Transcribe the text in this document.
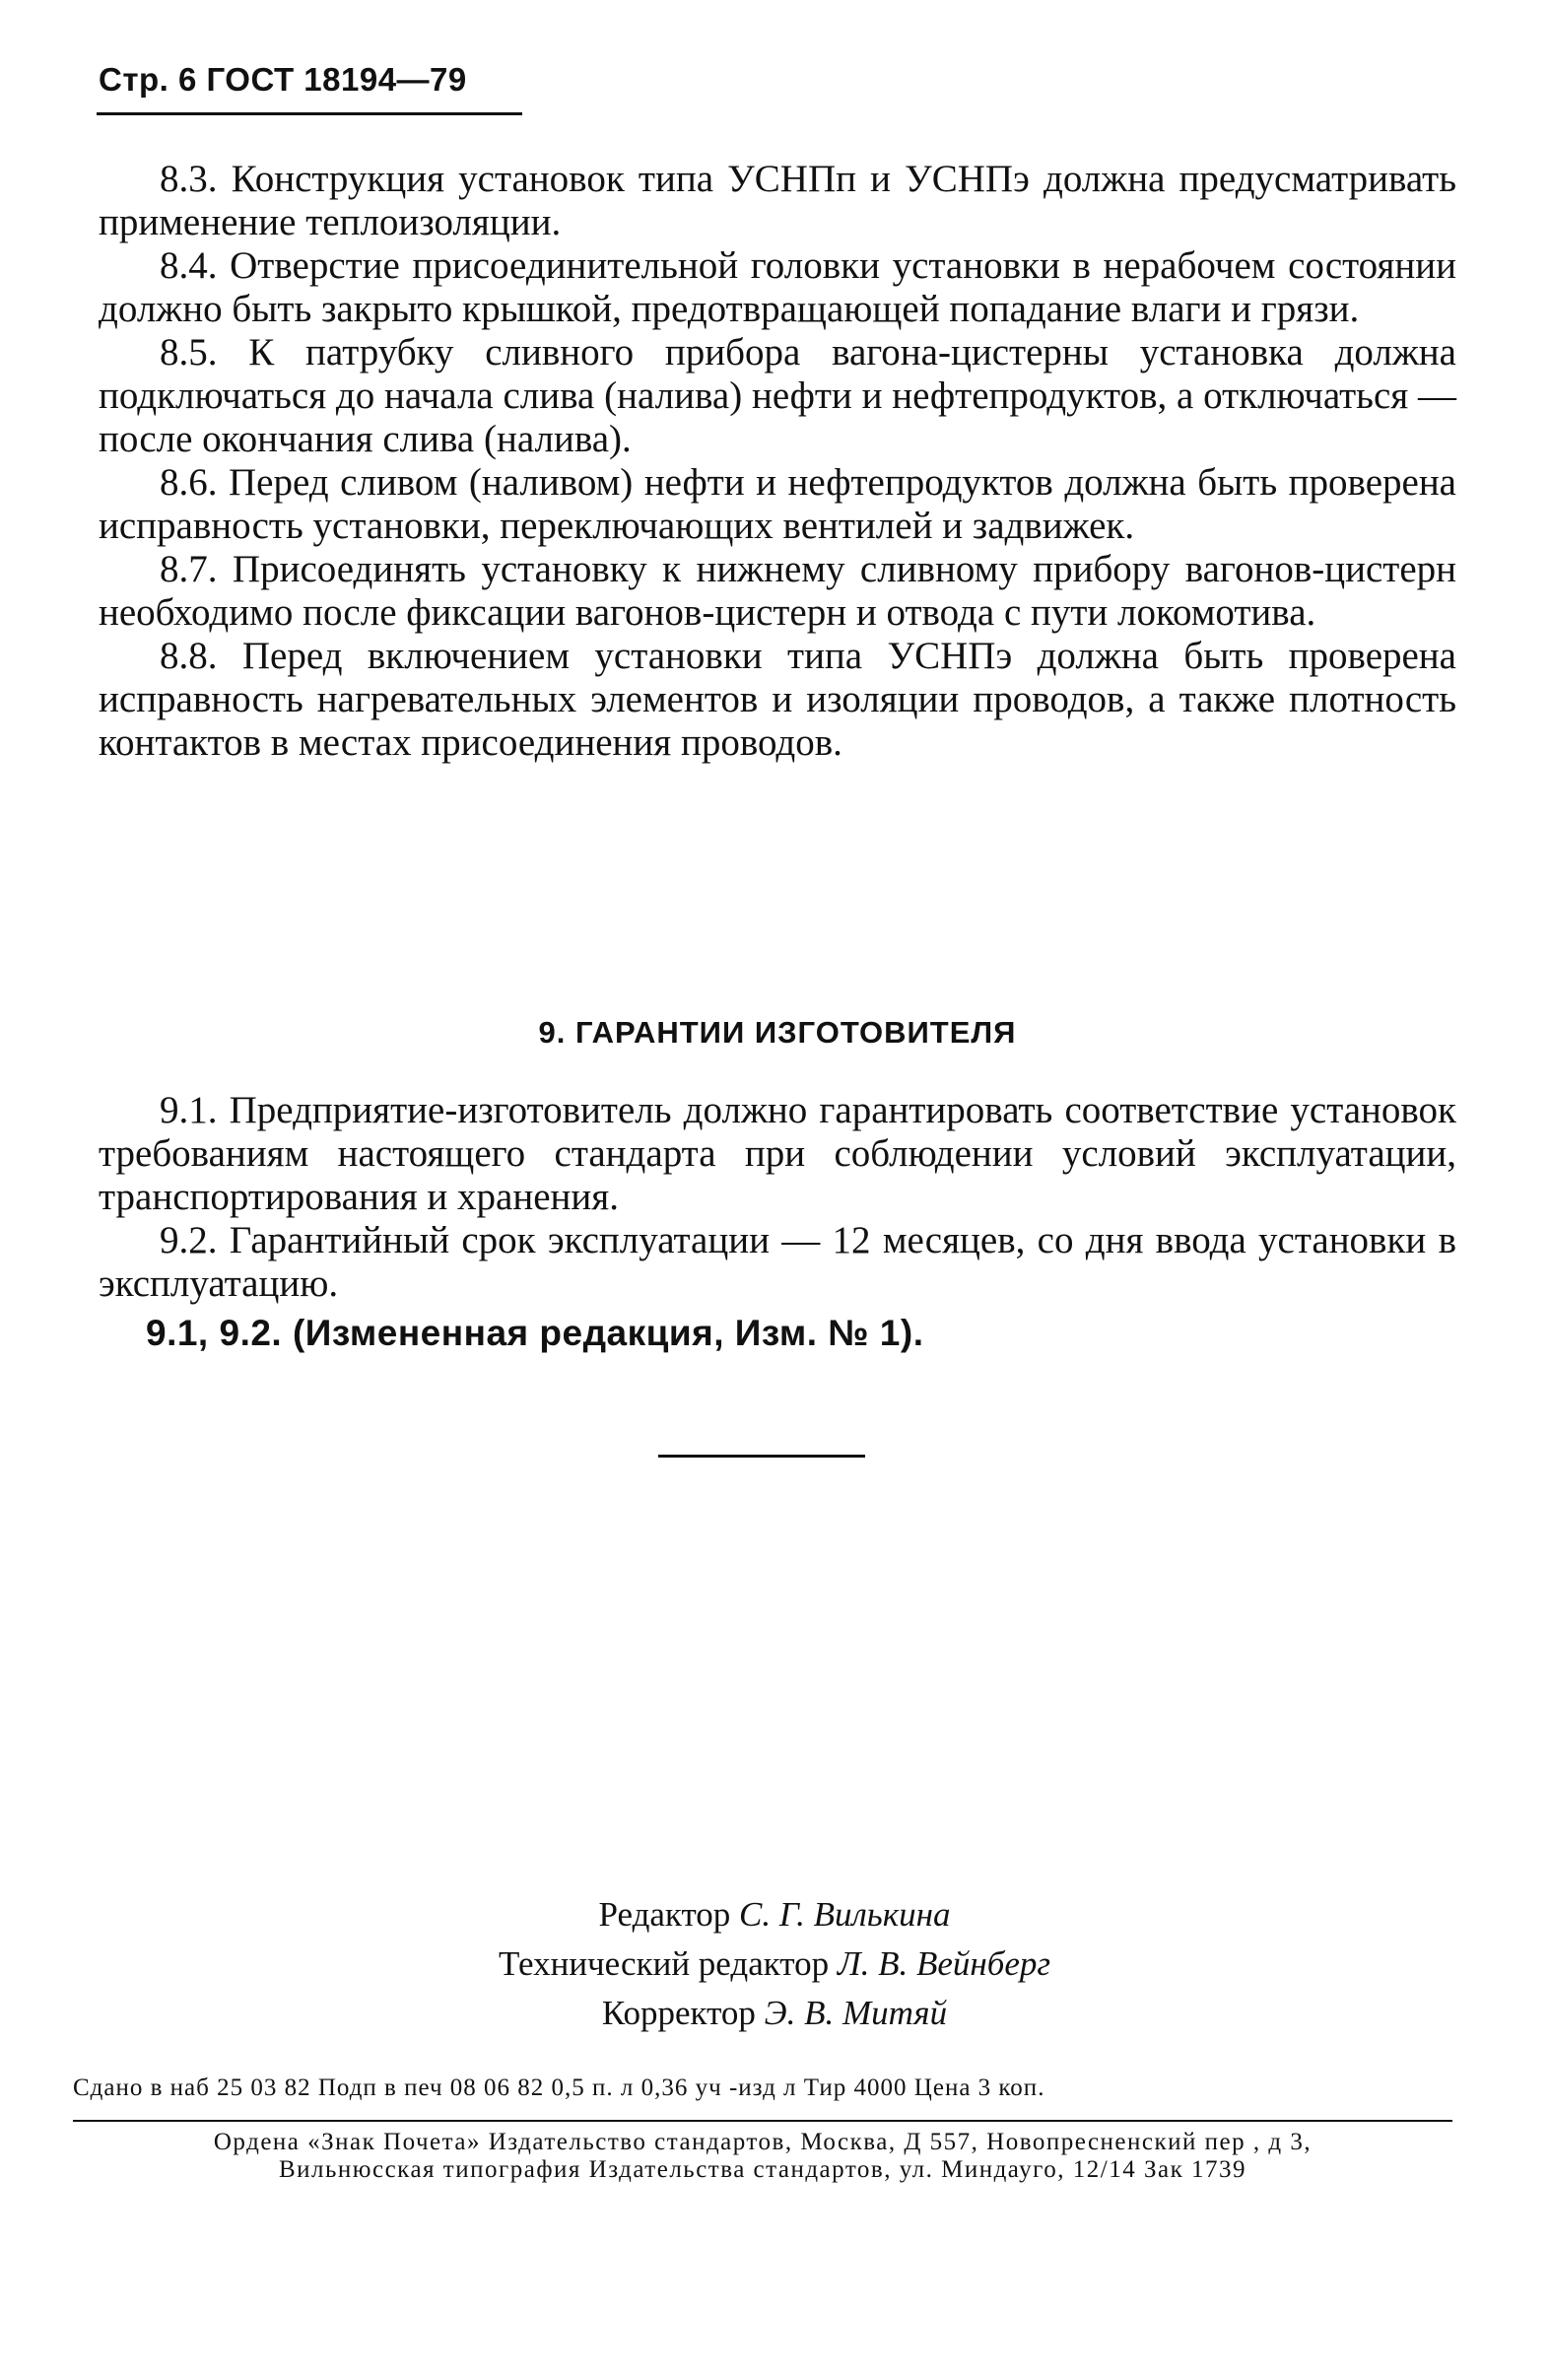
Стр. 6 ГОСТ 18194—79

8.3. Конструкция установок типа УСНПп и УСНПэ должна предусматривать применение теплоизоляции.

8.4. Отверстие присоединительной головки установки в нерабочем состоянии должно быть закрыто крышкой, предотвращающей попадание влаги и грязи.

8.5. К патрубку сливного прибора вагона-цистерны установка должна подключаться до начала слива (налива) нефти и нефтепродуктов, а отключаться — после окончания слива (налива).

8.6. Перед сливом (наливом) нефти и нефтепродуктов должна быть проверена исправность установки, переключающих вентилей и задвижек.

8.7. Присоединять установку к нижнему сливному прибору вагонов-цистерн необходимо после фиксации вагонов-цистерн и отвода с пути локомотива.

8.8. Перед включением установки типа УСНПэ должна быть проверена исправность нагревательных элементов и изоляции проводов, а также плотность контактов в местах присоединения проводов.

9. ГАРАНТИИ ИЗГОТОВИТЕЛЯ

9.1. Предприятие-изготовитель должно гарантировать соответствие установок требованиям настоящего стандарта при соблюдении условий эксплуатации, транспортирования и хранения.

9.2. Гарантийный срок эксплуатации — 12 месяцев, со дня ввода установки в эксплуатацию.

9.1, 9.2. (Измененная редакция, Изм. № 1).

Редактор С. Г. Вилькина
Технический редактор Л. В. Вейнберг
Корректор Э. В. Митяй
Сдано в наб 25 03 82 Подп в печ 08 06 82 0,5 п. л 0,36 уч -изд л Тир 4000 Цена 3 коп.
Ордена «Знак Почета» Издательство стандартов, Москва, Д 557, Новопресненский пер , д 3,
Вильнюсская типография Издательства стандартов, ул. Миндауго, 12/14 Зак 1739
